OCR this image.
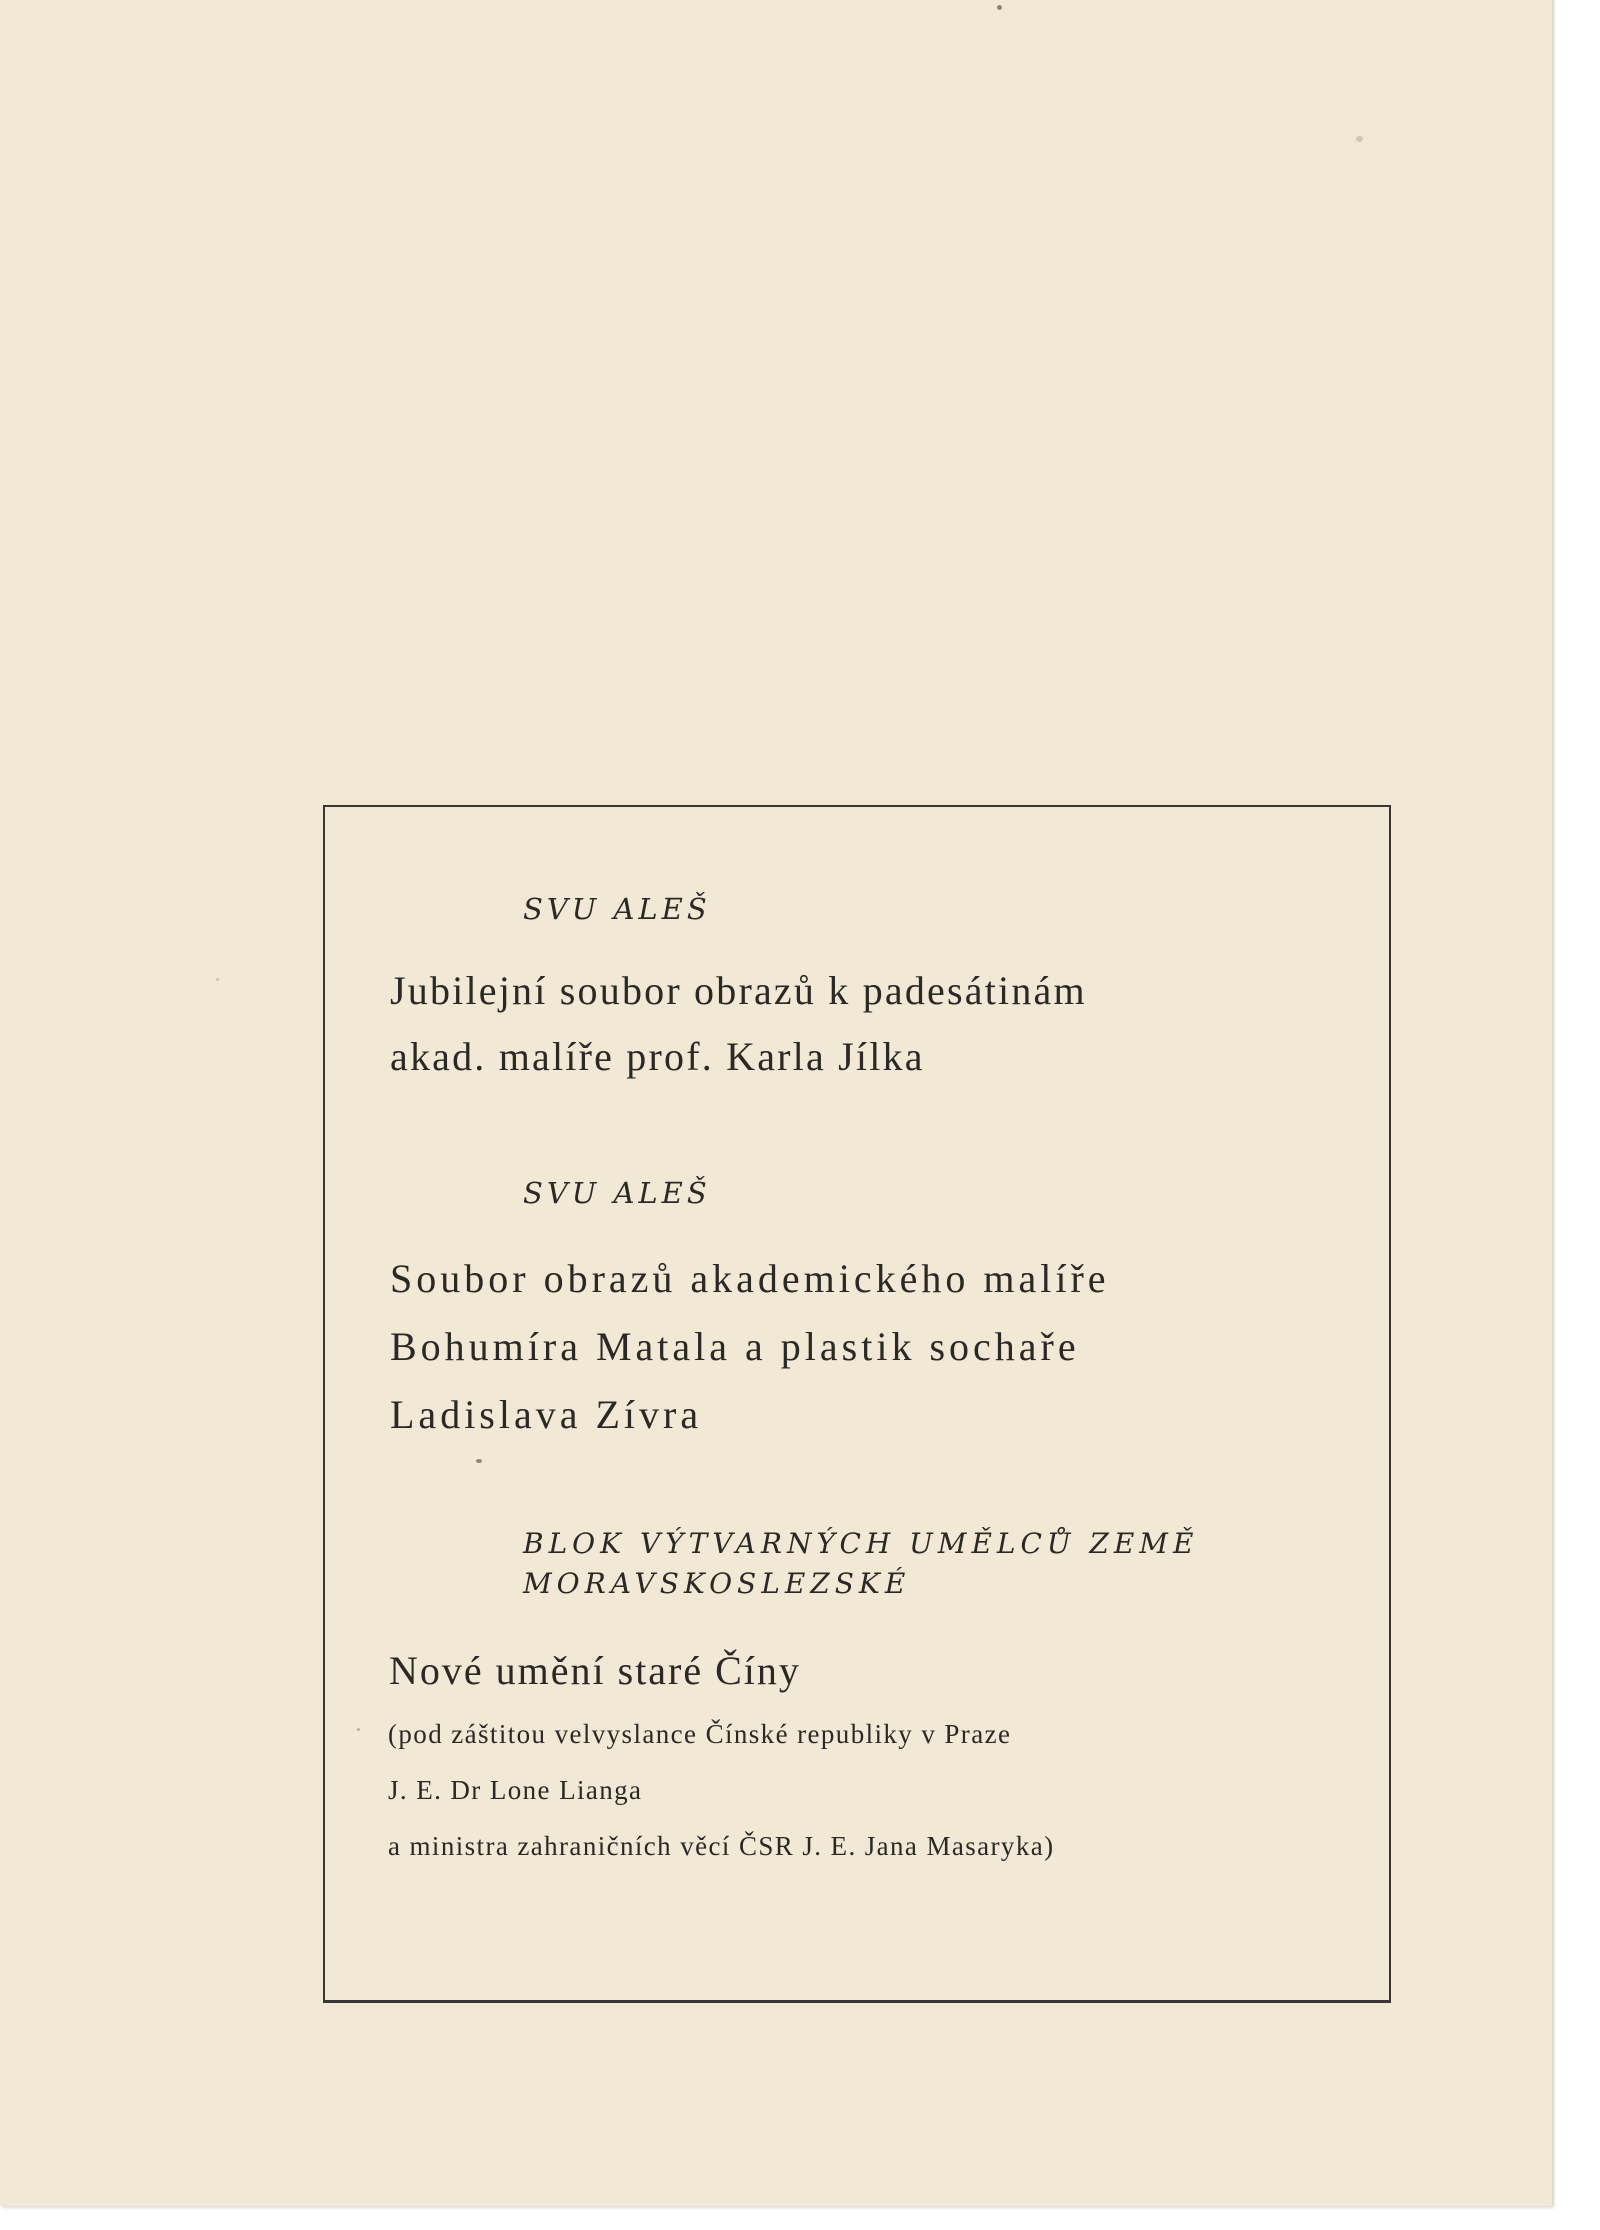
SVU ALEŠ
Jubilejní soubor obrazů k padesátinám
akad. malíře prof. Karla Jílka
SVU ALEŠ
Soubor obrazů akademického malíře
Bohumíra Matala a plastik sochaře
Ladislava Zívra
BLOK VÝTVARNÝCH UMĚLCŮ ZEMĚ
MORAVSKOSLEZSKÉ
Nové umění staré Číny
(pod záštitou velvyslance Čínské republiky v Praze
J. E. Dr Lone Lianga
a ministra zahraničních věcí ČSR J. E. Jana Masaryka)
